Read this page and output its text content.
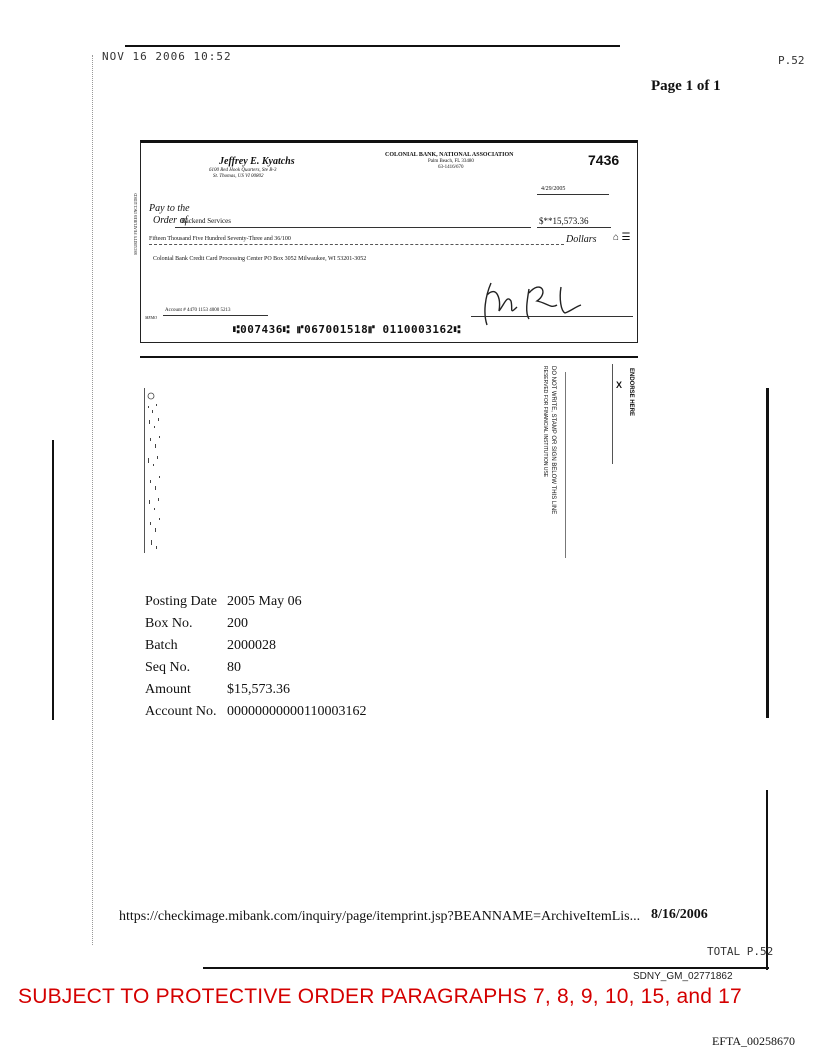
NOV 16 2006 10:52	P.52
Page 1 of 1
Jeffrey E. Kyatchs
6100 Red Hook Quarters, Ste B-3
St. Thomas, US VI 00802
COLONIAL BANK, NATIONAL ASSOCIATION
Palm Beach, FL 33480
63-1416/670	7436
4/29/2005
Pay to the
Order of
Backend Services	$**15,573.36
Fifteen Thousand Five Hundred Seventy-Three and 36/100	Dollars ⌂ ☰
Colonial Bank Credit Card Processing Center PO Box 3052 Milwaukee, WI 53201-3052
Account # 4470 1153 4000 5213
MEMO
⑆007436⑆ ⑈067001518⑈ 0110003162⑆
SECURITY FEATURES INCLUDED
DO NOT WRITE, STAMP OR SIGN BELOW THIS LINE
RESERVED FOR FINANCIAL INSTITUTION USE	ENDORSE HERE
X
Posting Date 2005 May 06
Box No.	200
Batch	2000028
Seq No.	80
Amount	$15,573.36
Account No. 00000000000110003162
https://checkimage.mibank.com/inquiry/page/itemprint.jsp?BEANNAME=ArchiveItemLis... 8/16/2006
TOTAL P.52
SDNY_GM_02771862
SUBJECT TO PROTECTIVE ORDER PARAGRAPHS 7, 8, 9, 10, 15, and 17
EFTA_00258670
